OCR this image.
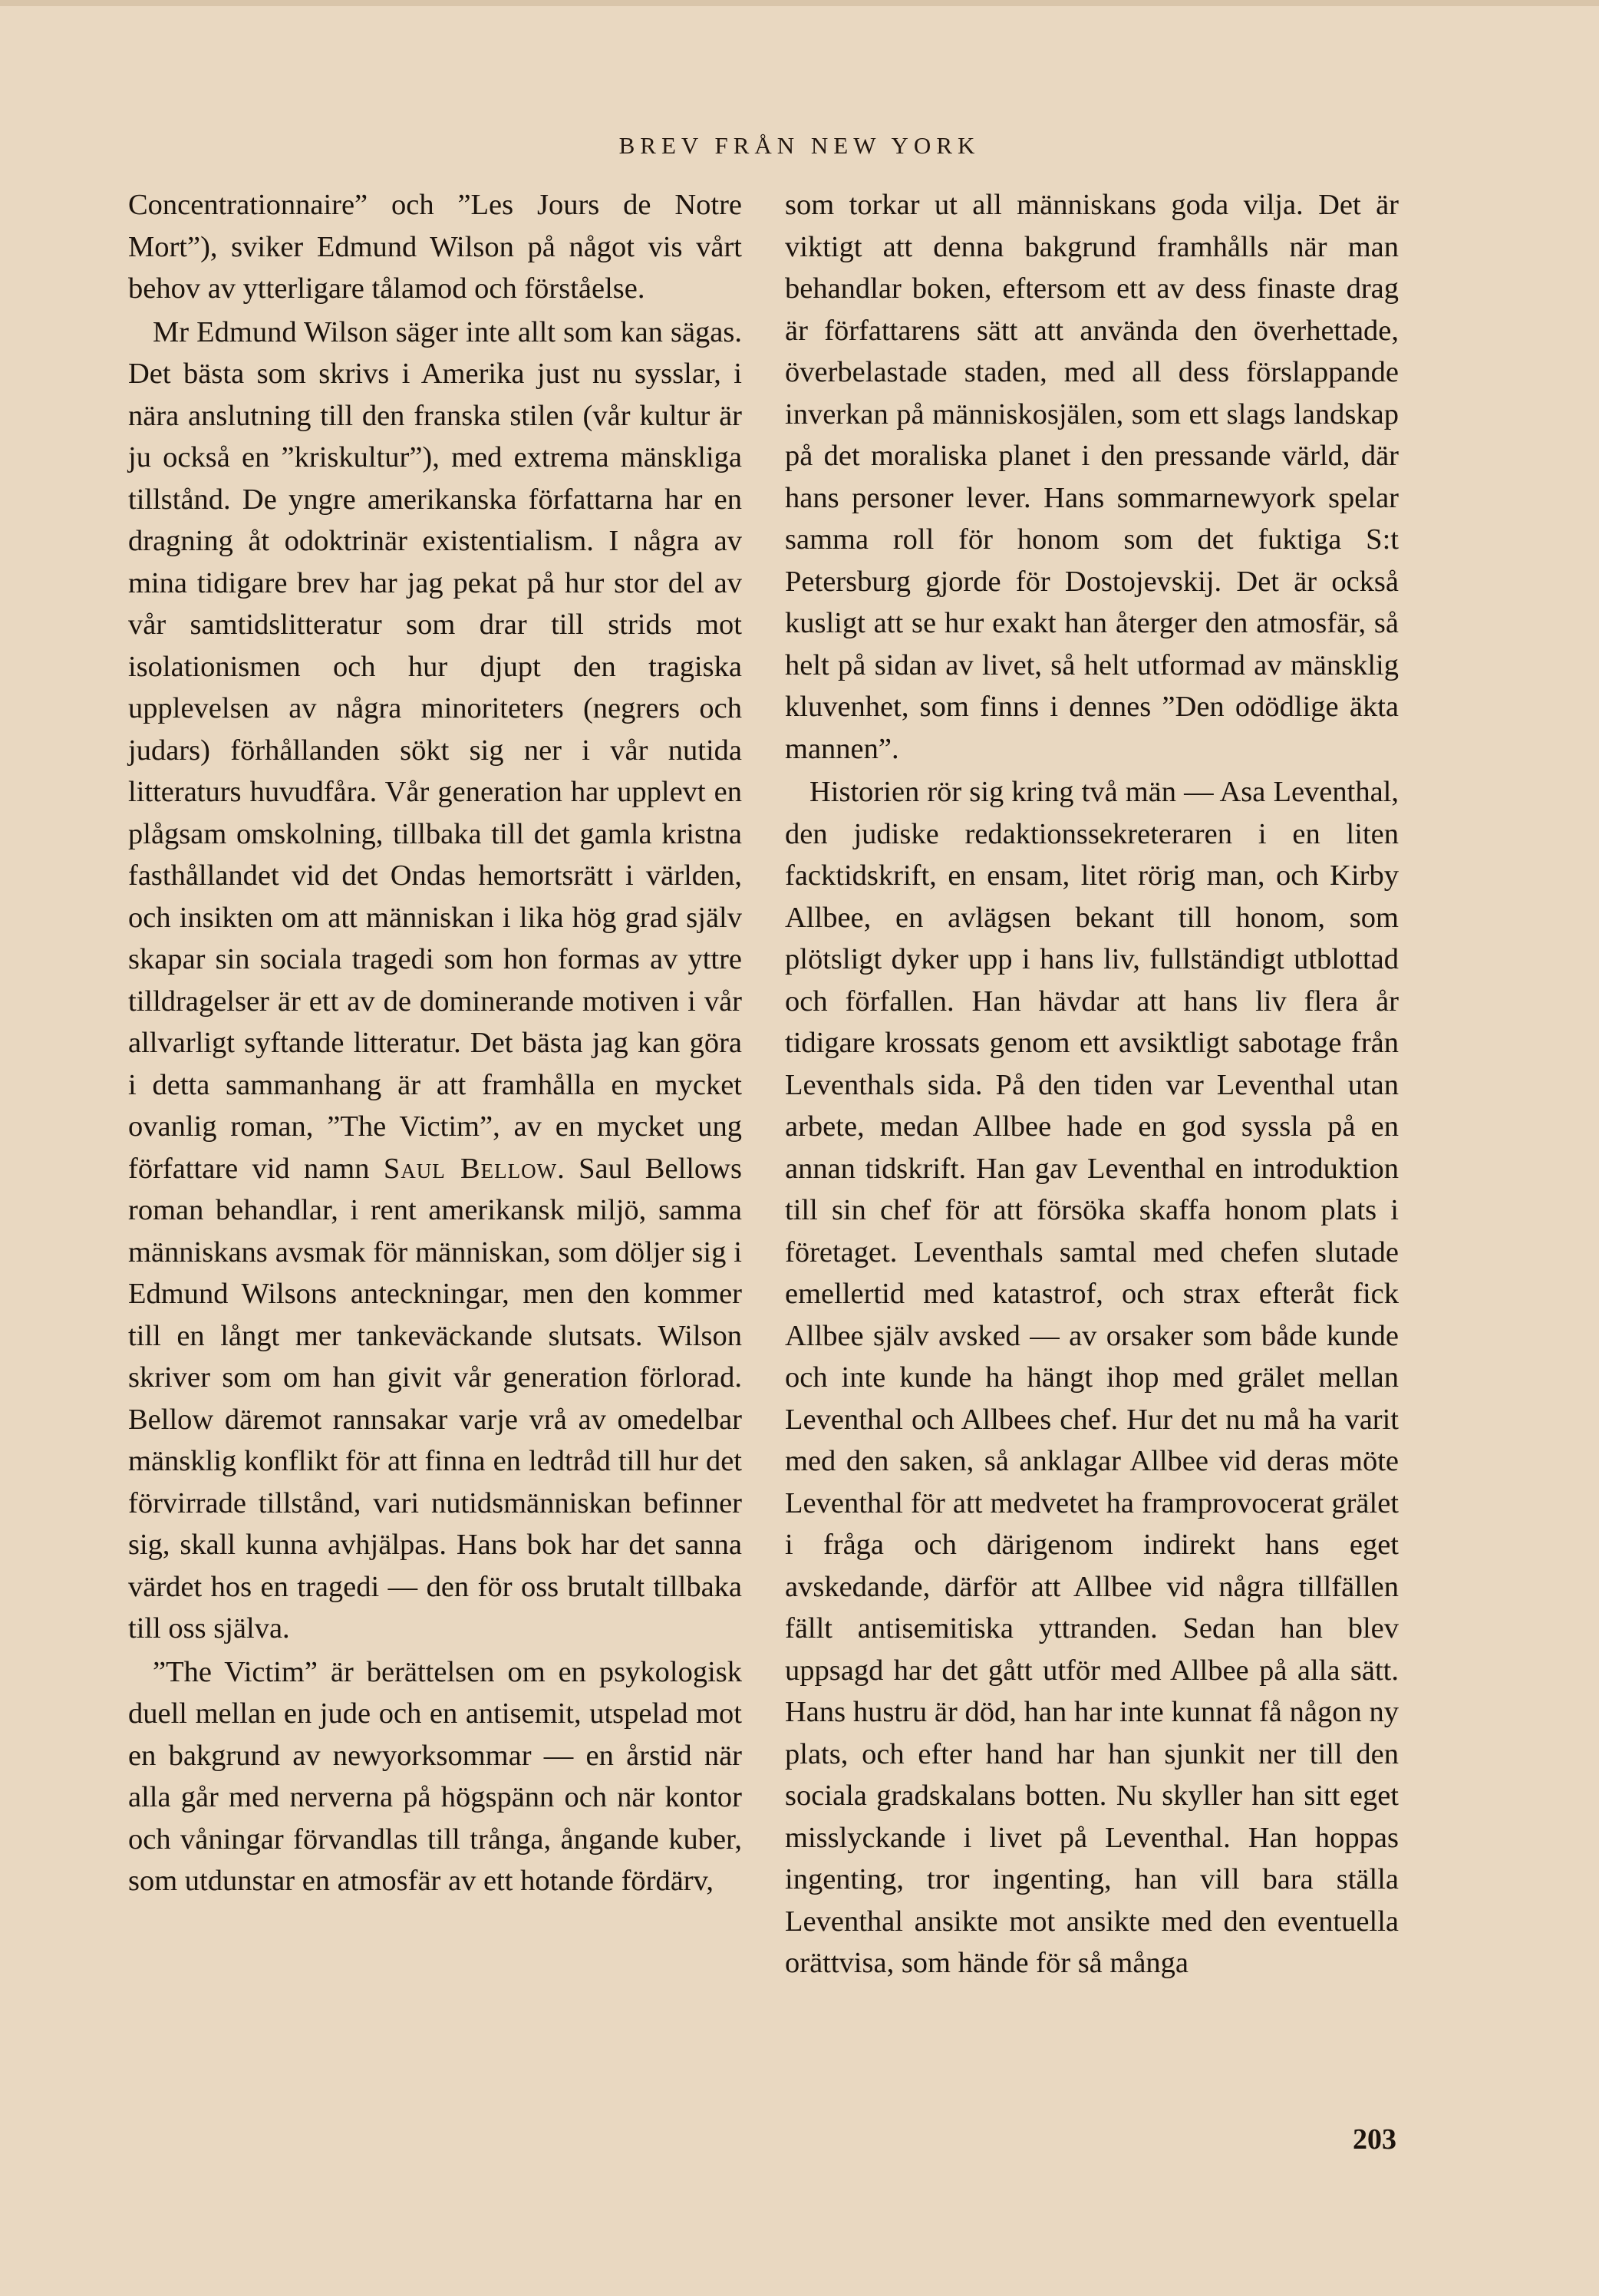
BREV FRÅN NEW YORK

Concentrationnaire” och ”Les Jours de Notre Mort”), sviker Edmund Wilson på något vis vårt behov av ytterligare tålamod och förståelse.

Mr Edmund Wilson säger inte allt som kan sägas. Det bästa som skrivs i Amerika just nu sysslar, i nära anslutning till den franska stilen (vår kultur är ju också en ”kriskultur”), med extrema mänskliga tillstånd. De yngre amerikanska författarna har en dragning åt odoktrinär existentialism. I några av mina tidigare brev har jag pekat på hur stor del av vår samtidslitteratur som drar till strids mot isolationismen och hur djupt den tragiska upplevelsen av några minoriteters (negrers och judars) förhållanden sökt sig ner i vår nutida litteraturs huvudfåra. Vår generation har upplevt en plågsam omskolning, tillbaka till det gamla kristna fasthållandet vid det Ondas hemortsrätt i världen, och insikten om att människan i lika hög grad själv skapar sin sociala tragedi som hon formas av yttre tilldragelser är ett av de dominerande motiven i vår allvarligt syftande litteratur. Det bästa jag kan göra i detta sammanhang är att framhålla en mycket ovanlig roman, ”The Victim”, av en mycket ung författare vid namn Saul Bellow. Saul Bellows roman behandlar, i rent amerikansk miljö, samma människans avsmak för människan, som döljer sig i Edmund Wilsons anteckningar, men den kommer till en långt mer tankeväckande slutsats. Wilson skriver som om han givit vår generation förlorad. Bellow däremot rannsakar varje vrå av omedelbar mänsklig konflikt för att finna en ledtråd till hur det förvirrade tillstånd, vari nutidsmänniskan befinner sig, skall kunna avhjälpas. Hans bok har det sanna värdet hos en tragedi — den för oss brutalt tillbaka till oss själva.

”The Victim” är berättelsen om en psykologisk duell mellan en jude och en antisemit, utspelad mot en bakgrund av newyorksommar — en årstid när alla går med nerverna på högspänn och när kontor och våningar förvandlas till trånga, ångande kuber, som utdunstar en atmosfär av ett hotande fördärv,

som torkar ut all människans goda vilja. Det är viktigt att denna bakgrund framhålls när man behandlar boken, eftersom ett av dess finaste drag är författarens sätt att använda den överhettade, överbelastade staden, med all dess förslappande inverkan på människosjälen, som ett slags landskap på det moraliska planet i den pressande värld, där hans personer lever. Hans sommarnewyork spelar samma roll för honom som det fuktiga S:t Petersburg gjorde för Dostojevskij. Det är också kusligt att se hur exakt han återger den atmosfär, så helt på sidan av livet, så helt utformad av mänsklig kluvenhet, som finns i dennes ”Den odödlige äkta mannen”.

Historien rör sig kring två män — Asa Leventhal, den judiske redaktionssekreteraren i en liten facktidskrift, en ensam, litet rörig man, och Kirby Allbee, en avlägsen bekant till honom, som plötsligt dyker upp i hans liv, fullständigt utblottad och förfallen. Han hävdar att hans liv flera år tidigare krossats genom ett avsiktligt sabotage från Leventhals sida. På den tiden var Leventhal utan arbete, medan Allbee hade en god syssla på en annan tidskrift. Han gav Leventhal en introduktion till sin chef för att försöka skaffa honom plats i företaget. Leventhals samtal med chefen slutade emellertid med katastrof, och strax efteråt fick Allbee själv avsked — av orsaker som både kunde och inte kunde ha hängt ihop med grälet mellan Leventhal och Allbees chef. Hur det nu må ha varit med den saken, så anklagar Allbee vid deras möte Leventhal för att medvetet ha framprovocerat grälet i fråga och därigenom indirekt hans eget avskedande, därför att Allbee vid några tillfällen fällt antisemitiska yttranden. Sedan han blev uppsagd har det gått utför med Allbee på alla sätt. Hans hustru är död, han har inte kunnat få någon ny plats, och efter hand har han sjunkit ner till den sociala gradskalans botten. Nu skyller han sitt eget misslyckande i livet på Leventhal. Han hoppas ingenting, tror ingenting, han vill bara ställa Leventhal ansikte mot ansikte med den eventuella orättvisa, som hände för så många

203
